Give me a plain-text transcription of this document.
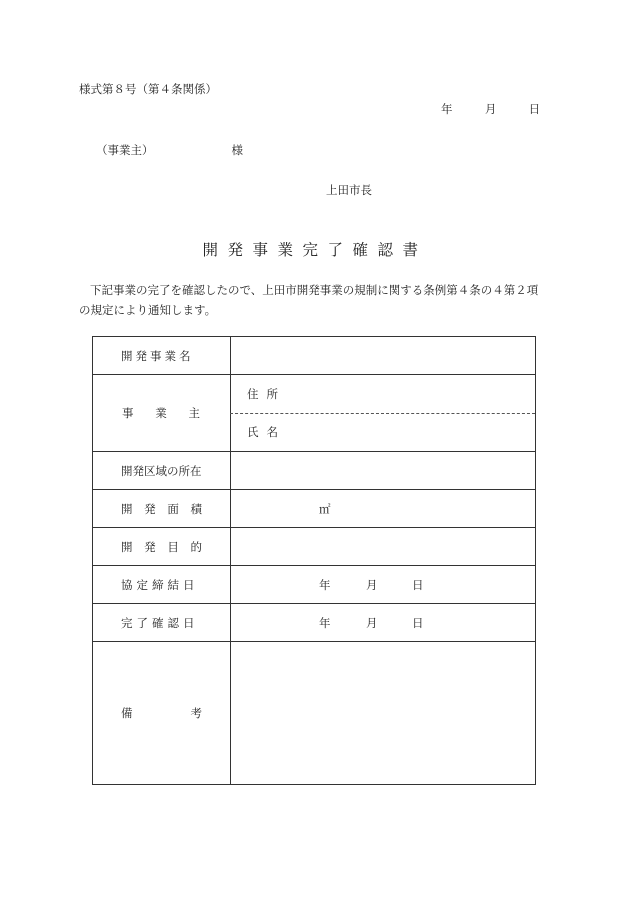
様式第８号（第４条関係）
年	月	日
（事業主）	様
上田市長
開発事業完了確認書
下記事業の完了を確認したので、上田市開発事業の規制に関する条例第４条の４第２項の規定により通知します。
開発事業名
事 業 主
住所
氏名
開発区域の所在
開 発 面 積	㎡
開 発 目 的
協定締結日	年	月	日
完了確認日	年	月	日
備	考
